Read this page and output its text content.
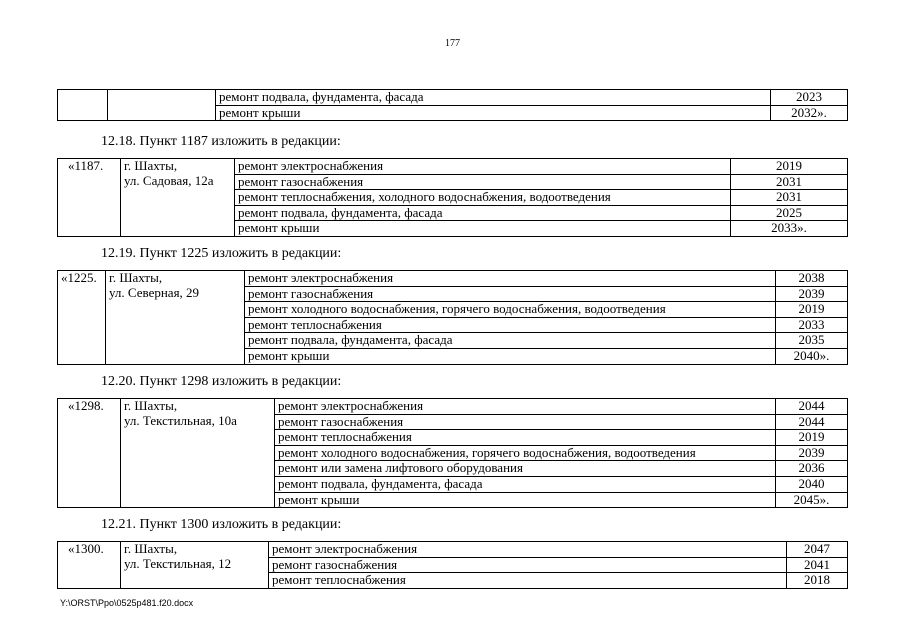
177
		ремонт подвала, фундамента, фасада	2023
		ремонт крыши	2032».
12.18. Пункт 1187 изложить в редакции:
«1187.	г. Шахты,
ул. Садовая, 12а	ремонт электроснабжения	2019
		ремонт газоснабжения	2031
		ремонт теплоснабжения, холодного водоснабжения, водоотведения	2031
		ремонт подвала, фундамента, фасада	2025
		ремонт крыши	2033».
12.19. Пункт 1225 изложить в редакции:
«1225.	г. Шахты,
ул. Северная, 29	ремонт электроснабжения	2038
		ремонт газоснабжения	2039
		ремонт холодного водоснабжения, горячего водоснабжения, водоотведения	2019
		ремонт теплоснабжения	2033
		ремонт подвала, фундамента, фасада	2035
		ремонт крыши	2040».
12.20. Пункт 1298 изложить в редакции:
«1298.	г. Шахты,
ул. Текстильная, 10а	ремонт электроснабжения	2044
		ремонт газоснабжения	2044
		ремонт теплоснабжения	2019
		ремонт холодного водоснабжения, горячего водоснабжения, водоотведения	2039
		ремонт или замена лифтового оборудования	2036
		ремонт подвала, фундамента, фасада	2040
		ремонт крыши	2045».
12.21. Пункт 1300 изложить в редакции:
«1300.	г. Шахты,
ул. Текстильная, 12	ремонт электроснабжения	2047
		ремонт газоснабжения	2041
		ремонт теплоснабжения	2018
Y:\ORST\Ppo\0525p481.f20.docx
